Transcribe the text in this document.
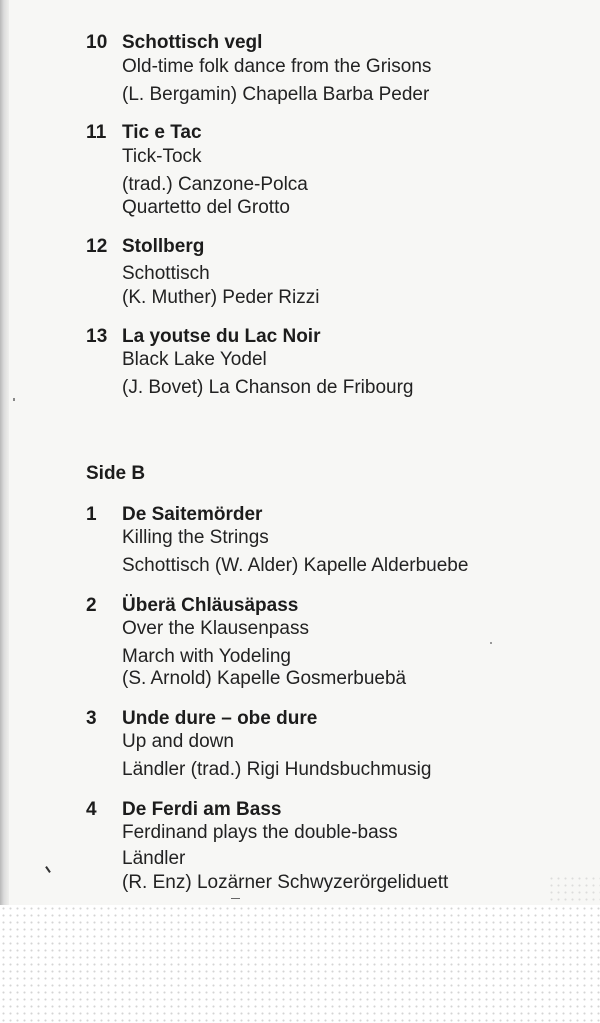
10 Schottisch vegl
Old-time folk dance from the Grisons
(L. Bergamin) Chapella Barba Peder
11 Tic e Tac
Tick-Tock
(trad.) Canzone-Polca
Quartetto del Grotto
12 Stollberg
Schottisch
(K. Muther) Peder Rizzi
13 La youtse du Lac Noir
Black Lake Yodel
(J. Bovet) La Chanson de Fribourg
Side B
1	De Saitemörder
Killing the Strings
Schottisch (W. Alder) Kapelle Alderbuebe
2	Überä Chläusäpass
Over the Klausenpass
March with Yodeling
(S. Arnold) Kapelle Gosmerbuebä
3	Unde dure – obe dure
Up and down
Ländler (trad.) Rigi Hundsbuchmusig
4	De Ferdi am Bass
Ferdinand plays the double-bass
Ländler
(R. Enz) Lozärner Schwyzerörgeliduett
